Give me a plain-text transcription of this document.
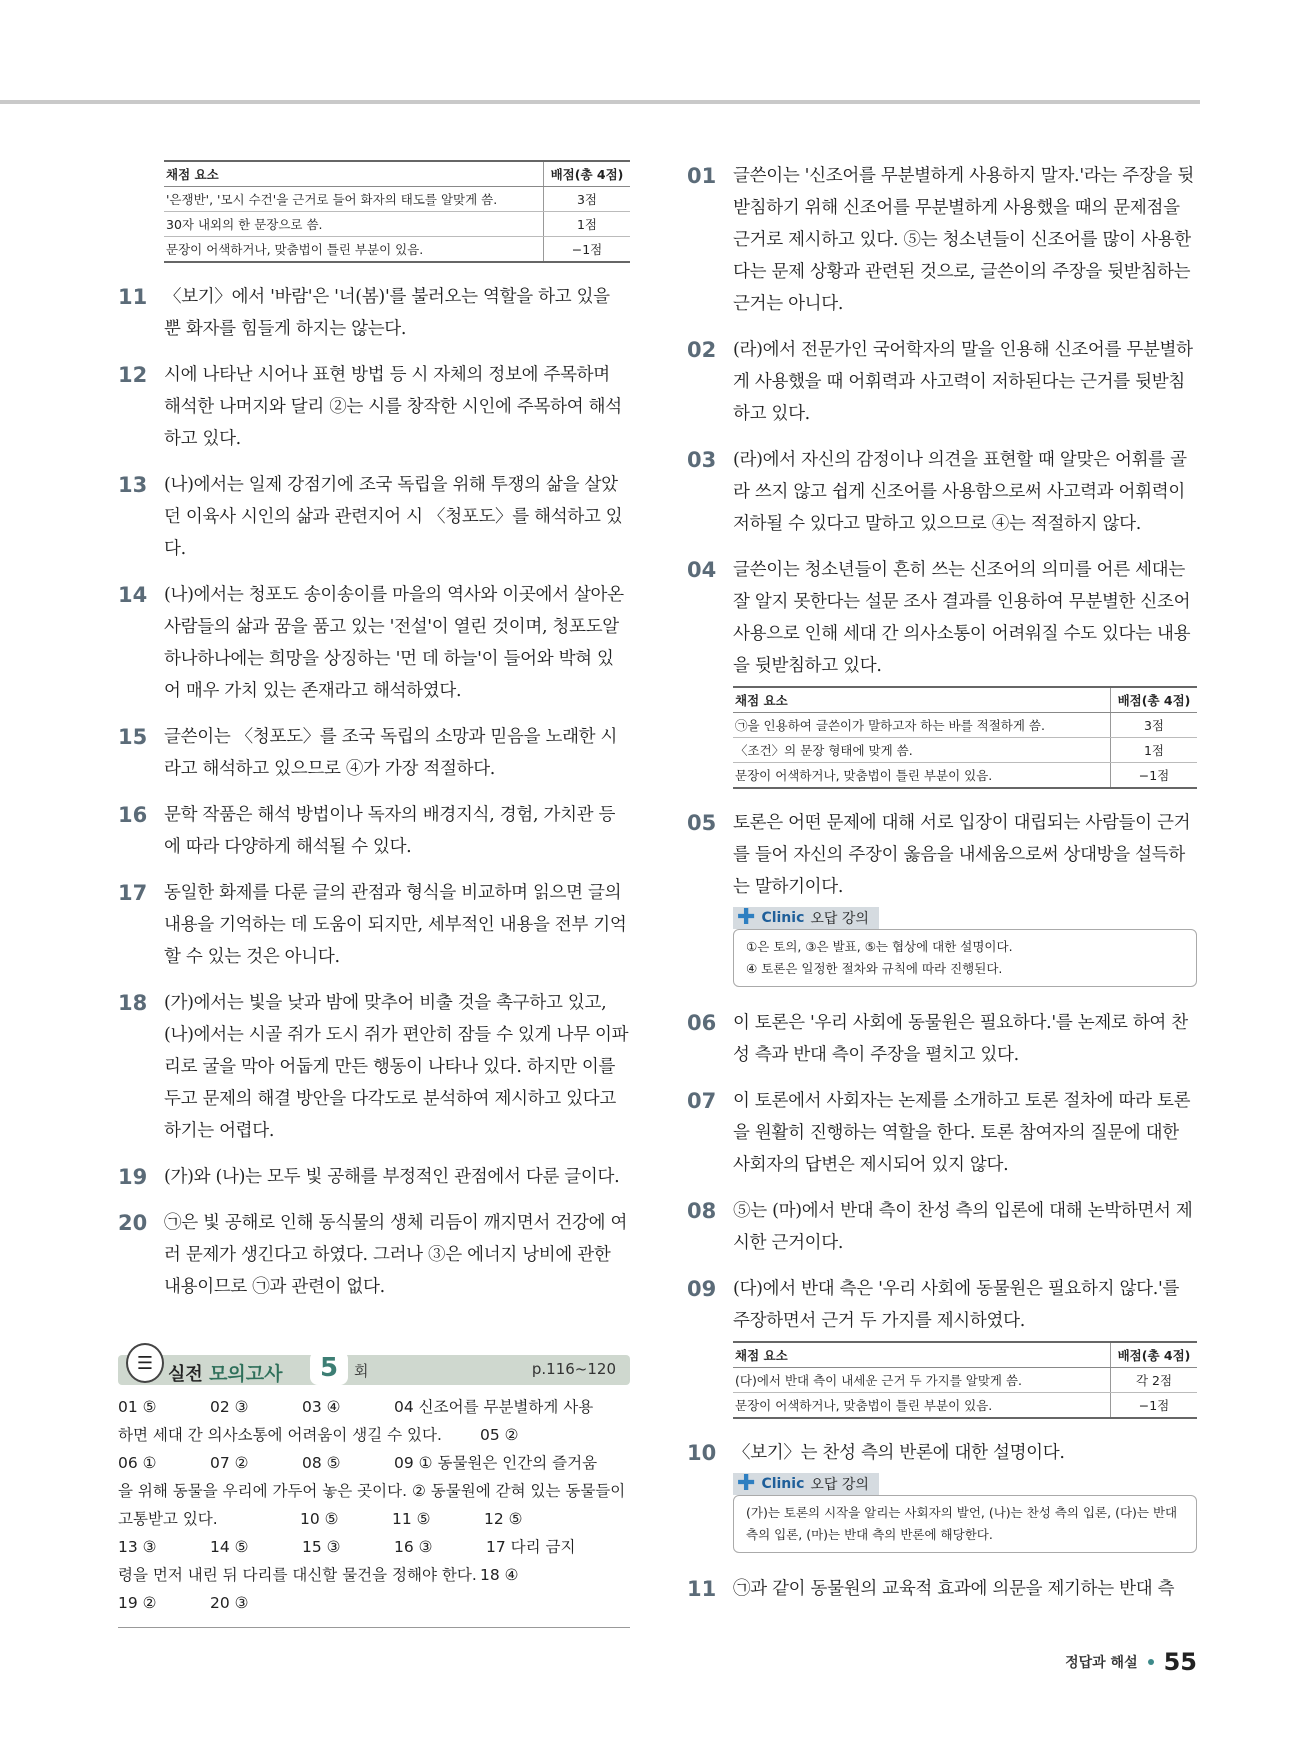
채점 요소	배점(총 4점)
'은쟁반', '모시 수건'을 근거로 들어 화자의 태도를 알맞게 씀.	3점
30자 내외의 한 문장으로 씀.	1점
문장이 어색하거나, 맞춤법이 틀린 부분이 있음.	−1점
11 〈보기〉에서 '바람'은 '너(봄)'를 불러오는 역할을 하고 있을 뿐 화자를 힘들게 하지는 않는다.
12 시에 나타난 시어나 표현 방법 등 시 자체의 정보에 주목하며 해석한 나머지와 달리 ②는 시를 창작한 시인에 주목하여 해석하고 있다.
13 (나)에서는 일제 강점기에 조국 독립을 위해 투쟁의 삶을 살았던 이육사 시인의 삶과 관련지어 시 〈청포도〉를 해석하고 있다.
14 (나)에서는 청포도 송이송이를 마을의 역사와 이곳에서 살아온 사람들의 삶과 꿈을 품고 있는 '전설'이 열린 것이며, 청포도알 하나하나에는 희망을 상징하는 '먼 데 하늘'이 들어와 박혀 있어 매우 가치 있는 존재라고 해석하였다.
15 글쓴이는 〈청포도〉를 조국 독립의 소망과 믿음을 노래한 시라고 해석하고 있으므로 ④가 가장 적절하다.
16 문학 작품은 해석 방법이나 독자의 배경지식, 경험, 가치관 등에 따라 다양하게 해석될 수 있다.
17 동일한 화제를 다룬 글의 관점과 형식을 비교하며 읽으면 글의 내용을 기억하는 데 도움이 되지만, 세부적인 내용을 전부 기억할 수 있는 것은 아니다.
18 (가)에서는 빛을 낮과 밤에 맞추어 비출 것을 촉구하고 있고, (나)에서는 시골 쥐가 도시 쥐가 편안히 잠들 수 있게 나무 이파리로 굴을 막아 어둡게 만든 행동이 나타나 있다. 하지만 이를 두고 문제의 해결 방안을 다각도로 분석하여 제시하고 있다고 하기는 어렵다.
19 (가)와 (나)는 모두 빛 공해를 부정적인 관점에서 다룬 글이다.
20 ㉠은 빛 공해로 인해 동식물의 생체 리듬이 깨지면서 건강에 여러 문제가 생긴다고 하였다. 그러나 ③은 에너지 낭비에 관한 내용이므로 ㉠과 관련이 없다.
☰
실전 모의고사	5	회	p.116~120
01 ⑤	02 ③	03 ④	04 신조어를 무분별하게 사용
하면 세대 간 의사소통에 어려움이 생길 수 있다.	05 ②
06 ①	07 ②	08 ⑤	09 ① 동물원은 인간의 즐거움
을 위해 동물을 우리에 가두어 놓은 곳이다. ② 동물원에 갇혀 있는 동물들이
고통받고 있다.	10 ⑤	11 ⑤	12 ⑤
13 ③	14 ⑤	15 ③	16 ③	17 다리 금지
령을 먼저 내린 뒤 다리를 대신할 물건을 정해야 한다. 18 ④
19 ②	20 ③
01 글쓴이는 '신조어를 무분별하게 사용하지 말자.'라는 주장을 뒷받침하기 위해 신조어를 무분별하게 사용했을 때의 문제점을 근거로 제시하고 있다. ⑤는 청소년들이 신조어를 많이 사용한다는 문제 상황과 관련된 것으로, 글쓴이의 주장을 뒷받침하는 근거는 아니다.
02 (라)에서 전문가인 국어학자의 말을 인용해 신조어를 무분별하게 사용했을 때 어휘력과 사고력이 저하된다는 근거를 뒷받침하고 있다.
03 (라)에서 자신의 감정이나 의견을 표현할 때 알맞은 어휘를 골라 쓰지 않고 쉽게 신조어를 사용함으로써 사고력과 어휘력이 저하될 수 있다고 말하고 있으므로 ④는 적절하지 않다.
04 글쓴이는 청소년들이 흔히 쓰는 신조어의 의미를 어른 세대는 잘 알지 못한다는 설문 조사 결과를 인용하여 무분별한 신조어 사용으로 인해 세대 간 의사소통이 어려워질 수도 있다는 내용을 뒷받침하고 있다.
채점 요소	배점(총 4점)
㉠을 인용하여 글쓴이가 말하고자 하는 바를 적절하게 씀.	3점
〈조건〉의 문장 형태에 맞게 씀.	1점
문장이 어색하거나, 맞춤법이 틀린 부분이 있음.	−1점
05 토론은 어떤 문제에 대해 서로 입장이 대립되는 사람들이 근거를 들어 자신의 주장이 옳음을 내세움으로써 상대방을 설득하는 말하기이다.
✚ Clinic 오답 강의
①은 토의, ③은 발표, ⑤는 협상에 대한 설명이다.
④ 토론은 일정한 절차와 규칙에 따라 진행된다.
06 이 토론은 '우리 사회에 동물원은 필요하다.'를 논제로 하여 찬성 측과 반대 측이 주장을 펼치고 있다.
07 이 토론에서 사회자는 논제를 소개하고 토론 절차에 따라 토론을 원활히 진행하는 역할을 한다. 토론 참여자의 질문에 대한 사회자의 답변은 제시되어 있지 않다.
08 ⑤는 (마)에서 반대 측이 찬성 측의 입론에 대해 논박하면서 제시한 근거이다.
09 (다)에서 반대 측은 '우리 사회에 동물원은 필요하지 않다.'를 주장하면서 근거 두 가지를 제시하였다.
채점 요소	배점(총 4점)
(다)에서 반대 측이 내세운 근거 두 가지를 알맞게 씀.	각 2점
문장이 어색하거나, 맞춤법이 틀린 부분이 있음.	−1점
10 〈보기〉는 찬성 측의 반론에 대한 설명이다.
✚ Clinic 오답 강의
(가)는 토론의 시작을 알리는 사회자의 발언, (나)는 찬성 측의 입론, (다)는 반대 측의 입론, (마)는 반대 측의 반론에 해당한다.
11 ㉠과 같이 동물원의 교육적 효과에 의문을 제기하는 반대 측
정답과 해설 55
